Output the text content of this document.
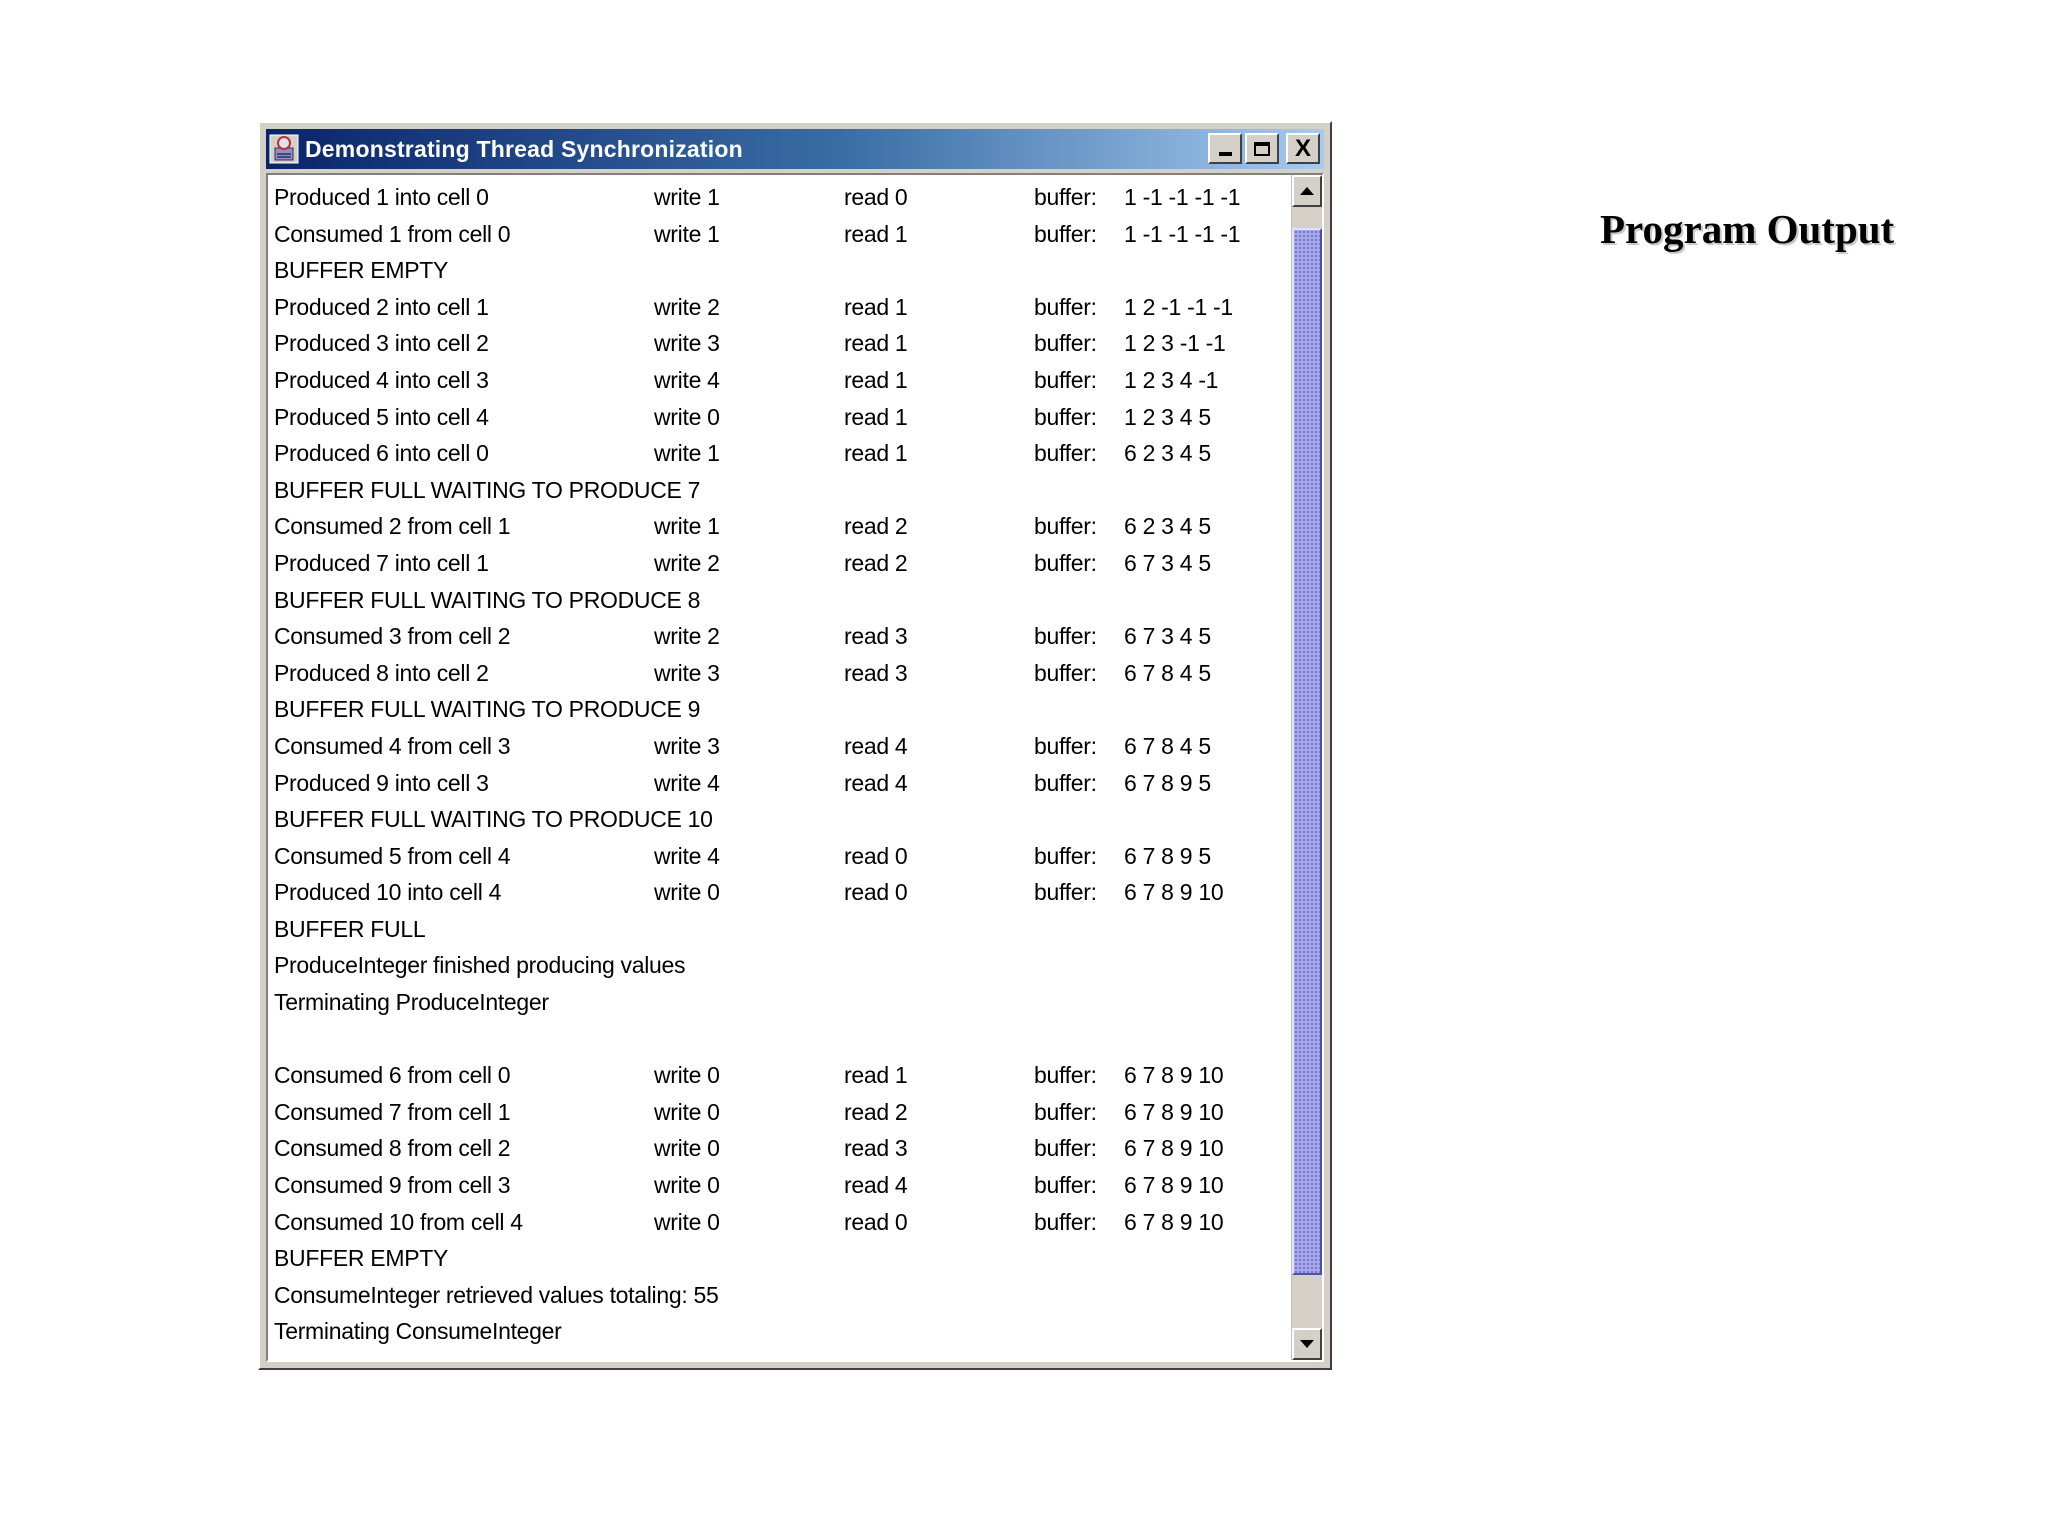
Program Output
Demonstrating Thread Synchronization	X
Produced 1 into cell 0	write 1	read 0	buffer: 1 -1 -1 -1 -1
Consumed 1 from cell 0	write 1	read 1	buffer: 1 -1 -1 -1 -1
BUFFER EMPTY
Produced 2 into cell 1	write 2	read 1	buffer: 1 2 -1 -1 -1
Produced 3 into cell 2	write 3	read 1	buffer: 1 2 3 -1 -1
Produced 4 into cell 3	write 4	read 1	buffer: 1 2 3 4 -1
Produced 5 into cell 4	write 0	read 1	buffer: 1 2 3 4 5
Produced 6 into cell 0	write 1	read 1	buffer: 6 2 3 4 5
BUFFER FULL WAITING TO PRODUCE 7
Consumed 2 from cell 1	write 1	read 2	buffer: 6 2 3 4 5
Produced 7 into cell 1	write 2	read 2	buffer: 6 7 3 4 5
BUFFER FULL WAITING TO PRODUCE 8
Consumed 3 from cell 2	write 2	read 3	buffer: 6 7 3 4 5
Produced 8 into cell 2	write 3	read 3	buffer: 6 7 8 4 5
BUFFER FULL WAITING TO PRODUCE 9
Consumed 4 from cell 3	write 3	read 4	buffer: 6 7 8 4 5
Produced 9 into cell 3	write 4	read 4	buffer: 6 7 8 9 5
BUFFER FULL WAITING TO PRODUCE 10
Consumed 5 from cell 4	write 4	read 0	buffer: 6 7 8 9 5
Produced 10 into cell 4	write 0	read 0	buffer: 6 7 8 9 10
BUFFER FULL
ProduceInteger finished producing values
Terminating ProduceInteger
Consumed 6 from cell 0	write 0	read 1	buffer: 6 7 8 9 10
Consumed 7 from cell 1	write 0	read 2	buffer: 6 7 8 9 10
Consumed 8 from cell 2	write 0	read 3	buffer: 6 7 8 9 10
Consumed 9 from cell 3	write 0	read 4	buffer: 6 7 8 9 10
Consumed 10 from cell 4	write 0	read 0	buffer: 6 7 8 9 10
BUFFER EMPTY
ConsumeInteger retrieved values totaling: 55
Terminating ConsumeInteger
